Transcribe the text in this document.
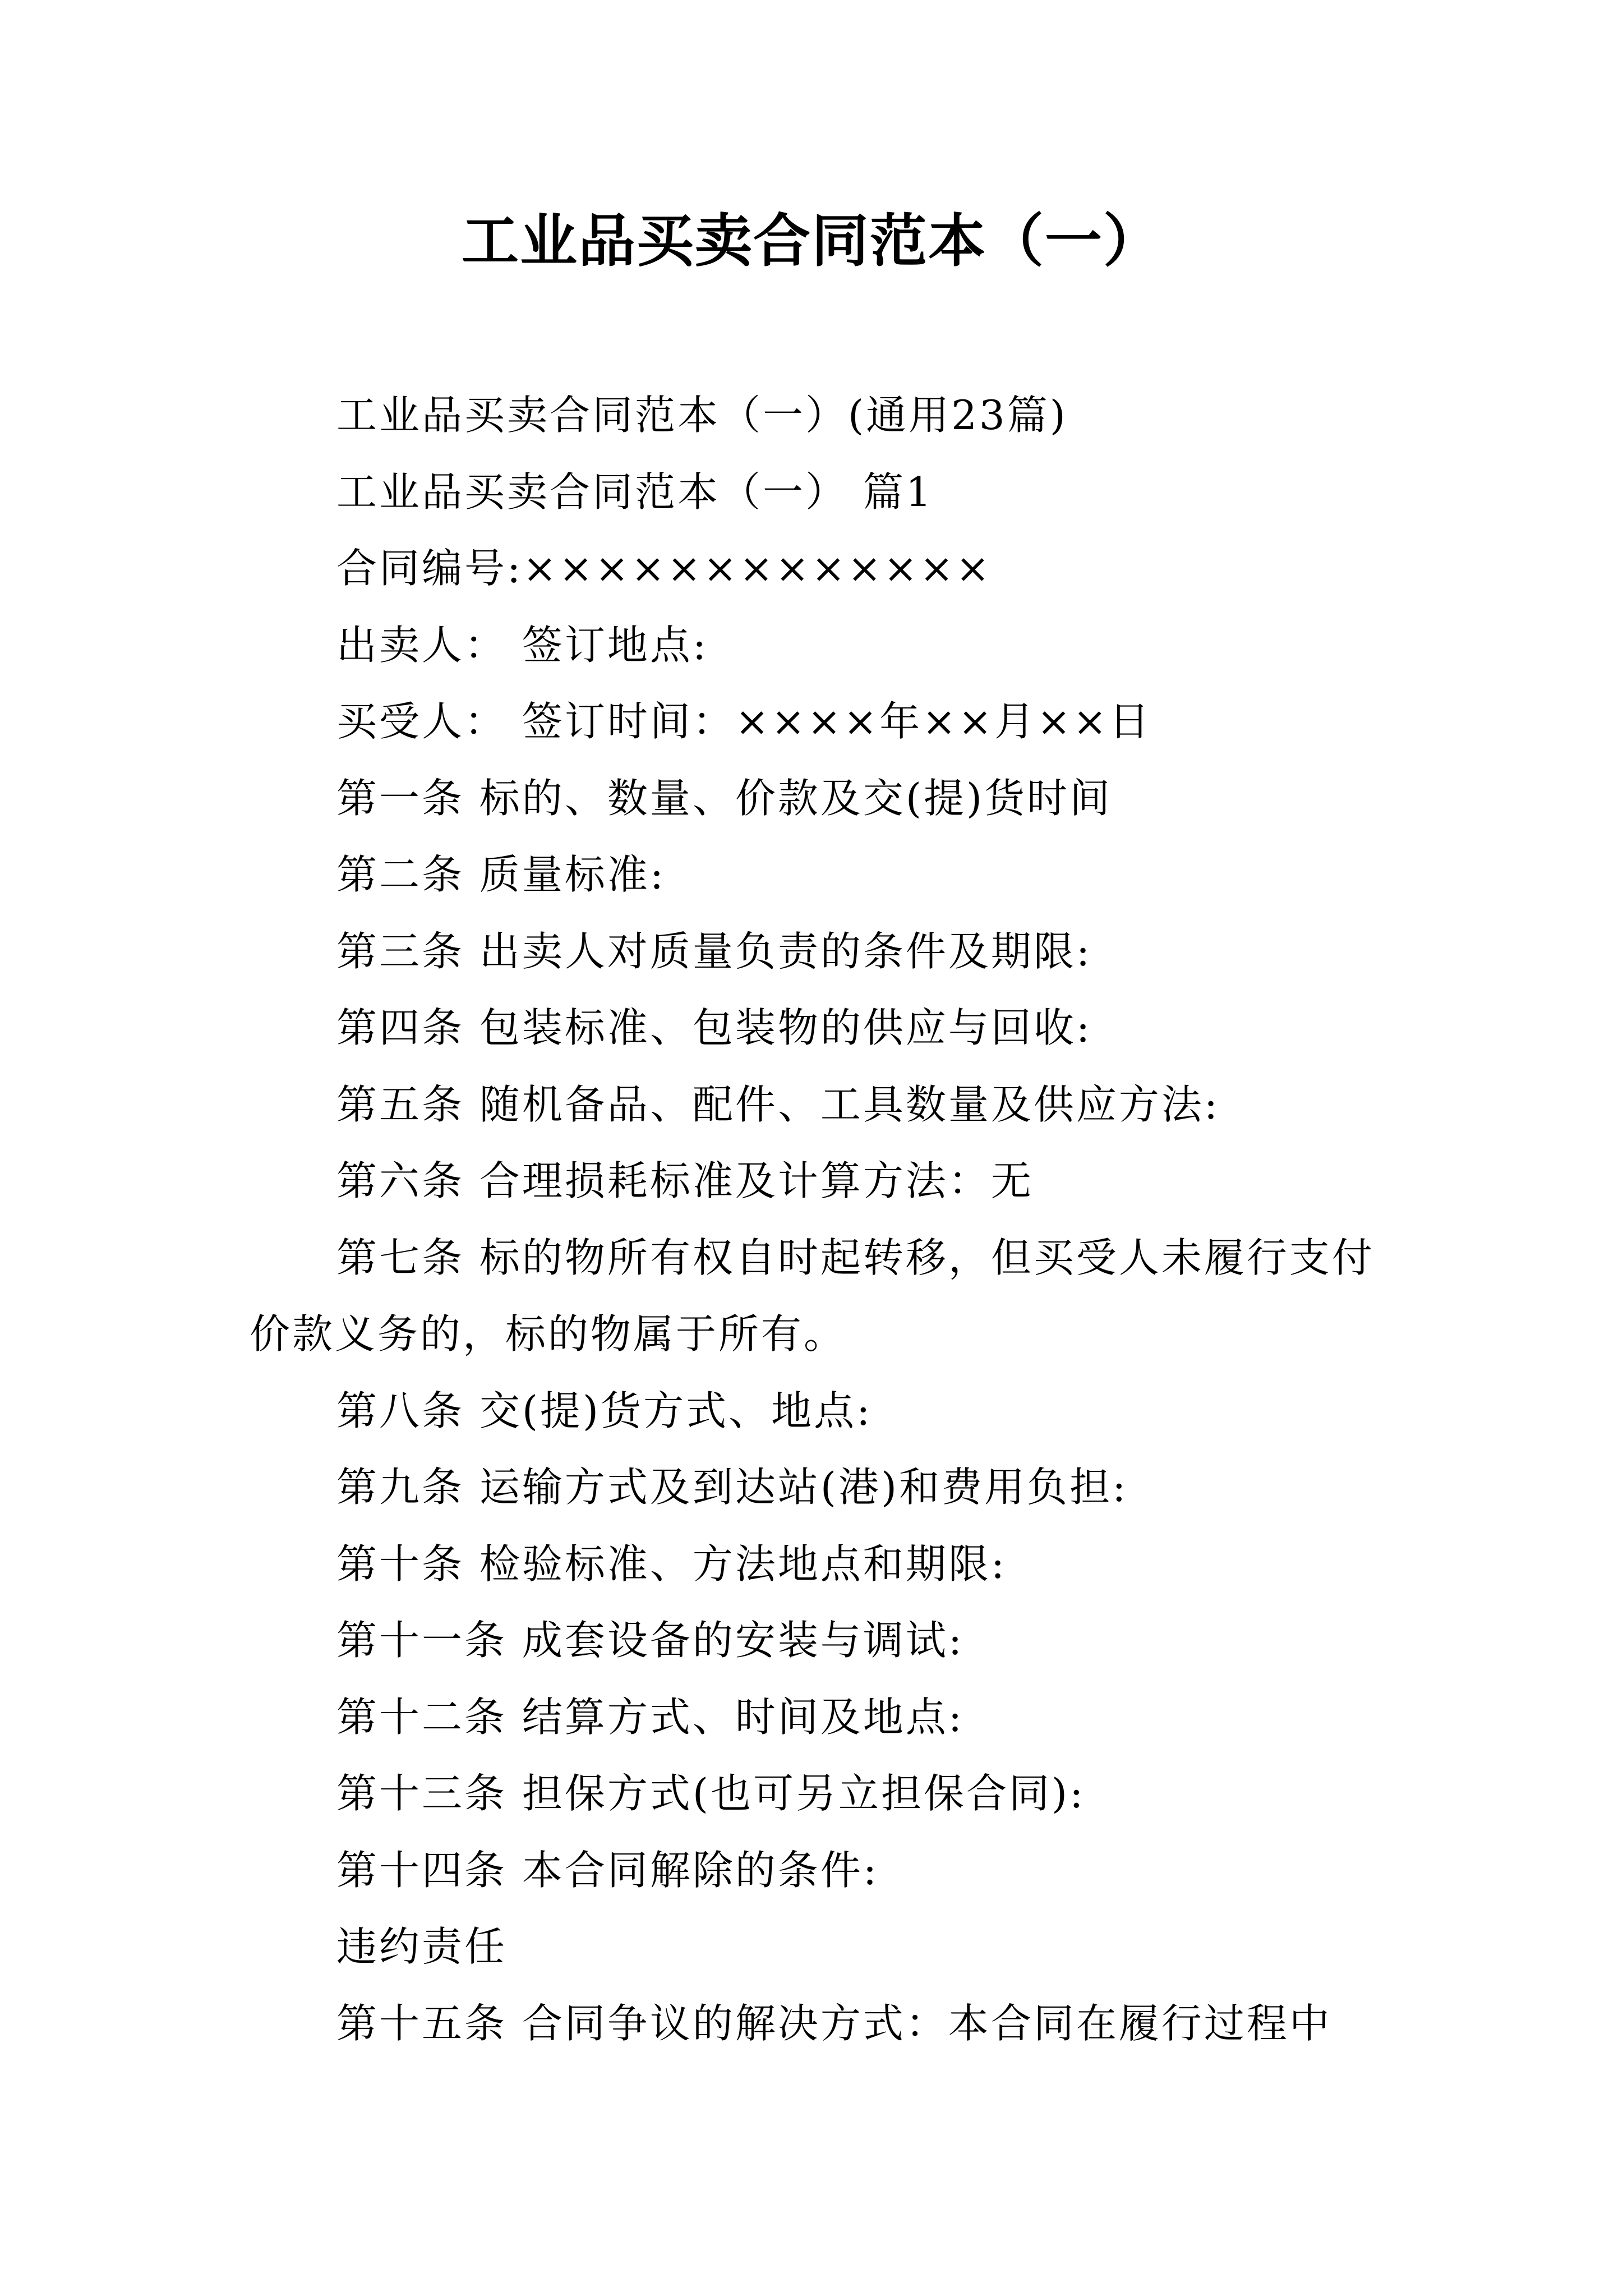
工业品买卖合同范本（一）

工业品买卖合同范本（一）(通用23篇)

工业品买卖合同范本（一） 篇1

合同编号:×××××××××××××

出卖人： 签订地点:

买受人： 签订时间：××××年××月××日

第一条 标的、数量、价款及交(提)货时间

第二条 质量标准:

第三条 出卖人对质量负责的条件及期限:

第四条 包装标准、包装物的供应与回收:

第五条 随机备品、配件、工具数量及供应方法:

第六条 合理损耗标准及计算方法：无

第七条 标的物所有权自时起转移，但买受人未履行支付价款义务的，标的物属于所有。

第八条 交(提)货方式、地点:

第九条 运输方式及到达站(港)和费用负担:

第十条 检验标准、方法地点和期限:

第十一条 成套设备的安装与调试:

第十二条 结算方式、时间及地点:

第十三条 担保方式(也可另立担保合同):

第十四条 本合同解除的条件:

违约责任

第十五条 合同争议的解决方式：本合同在履行过程中
